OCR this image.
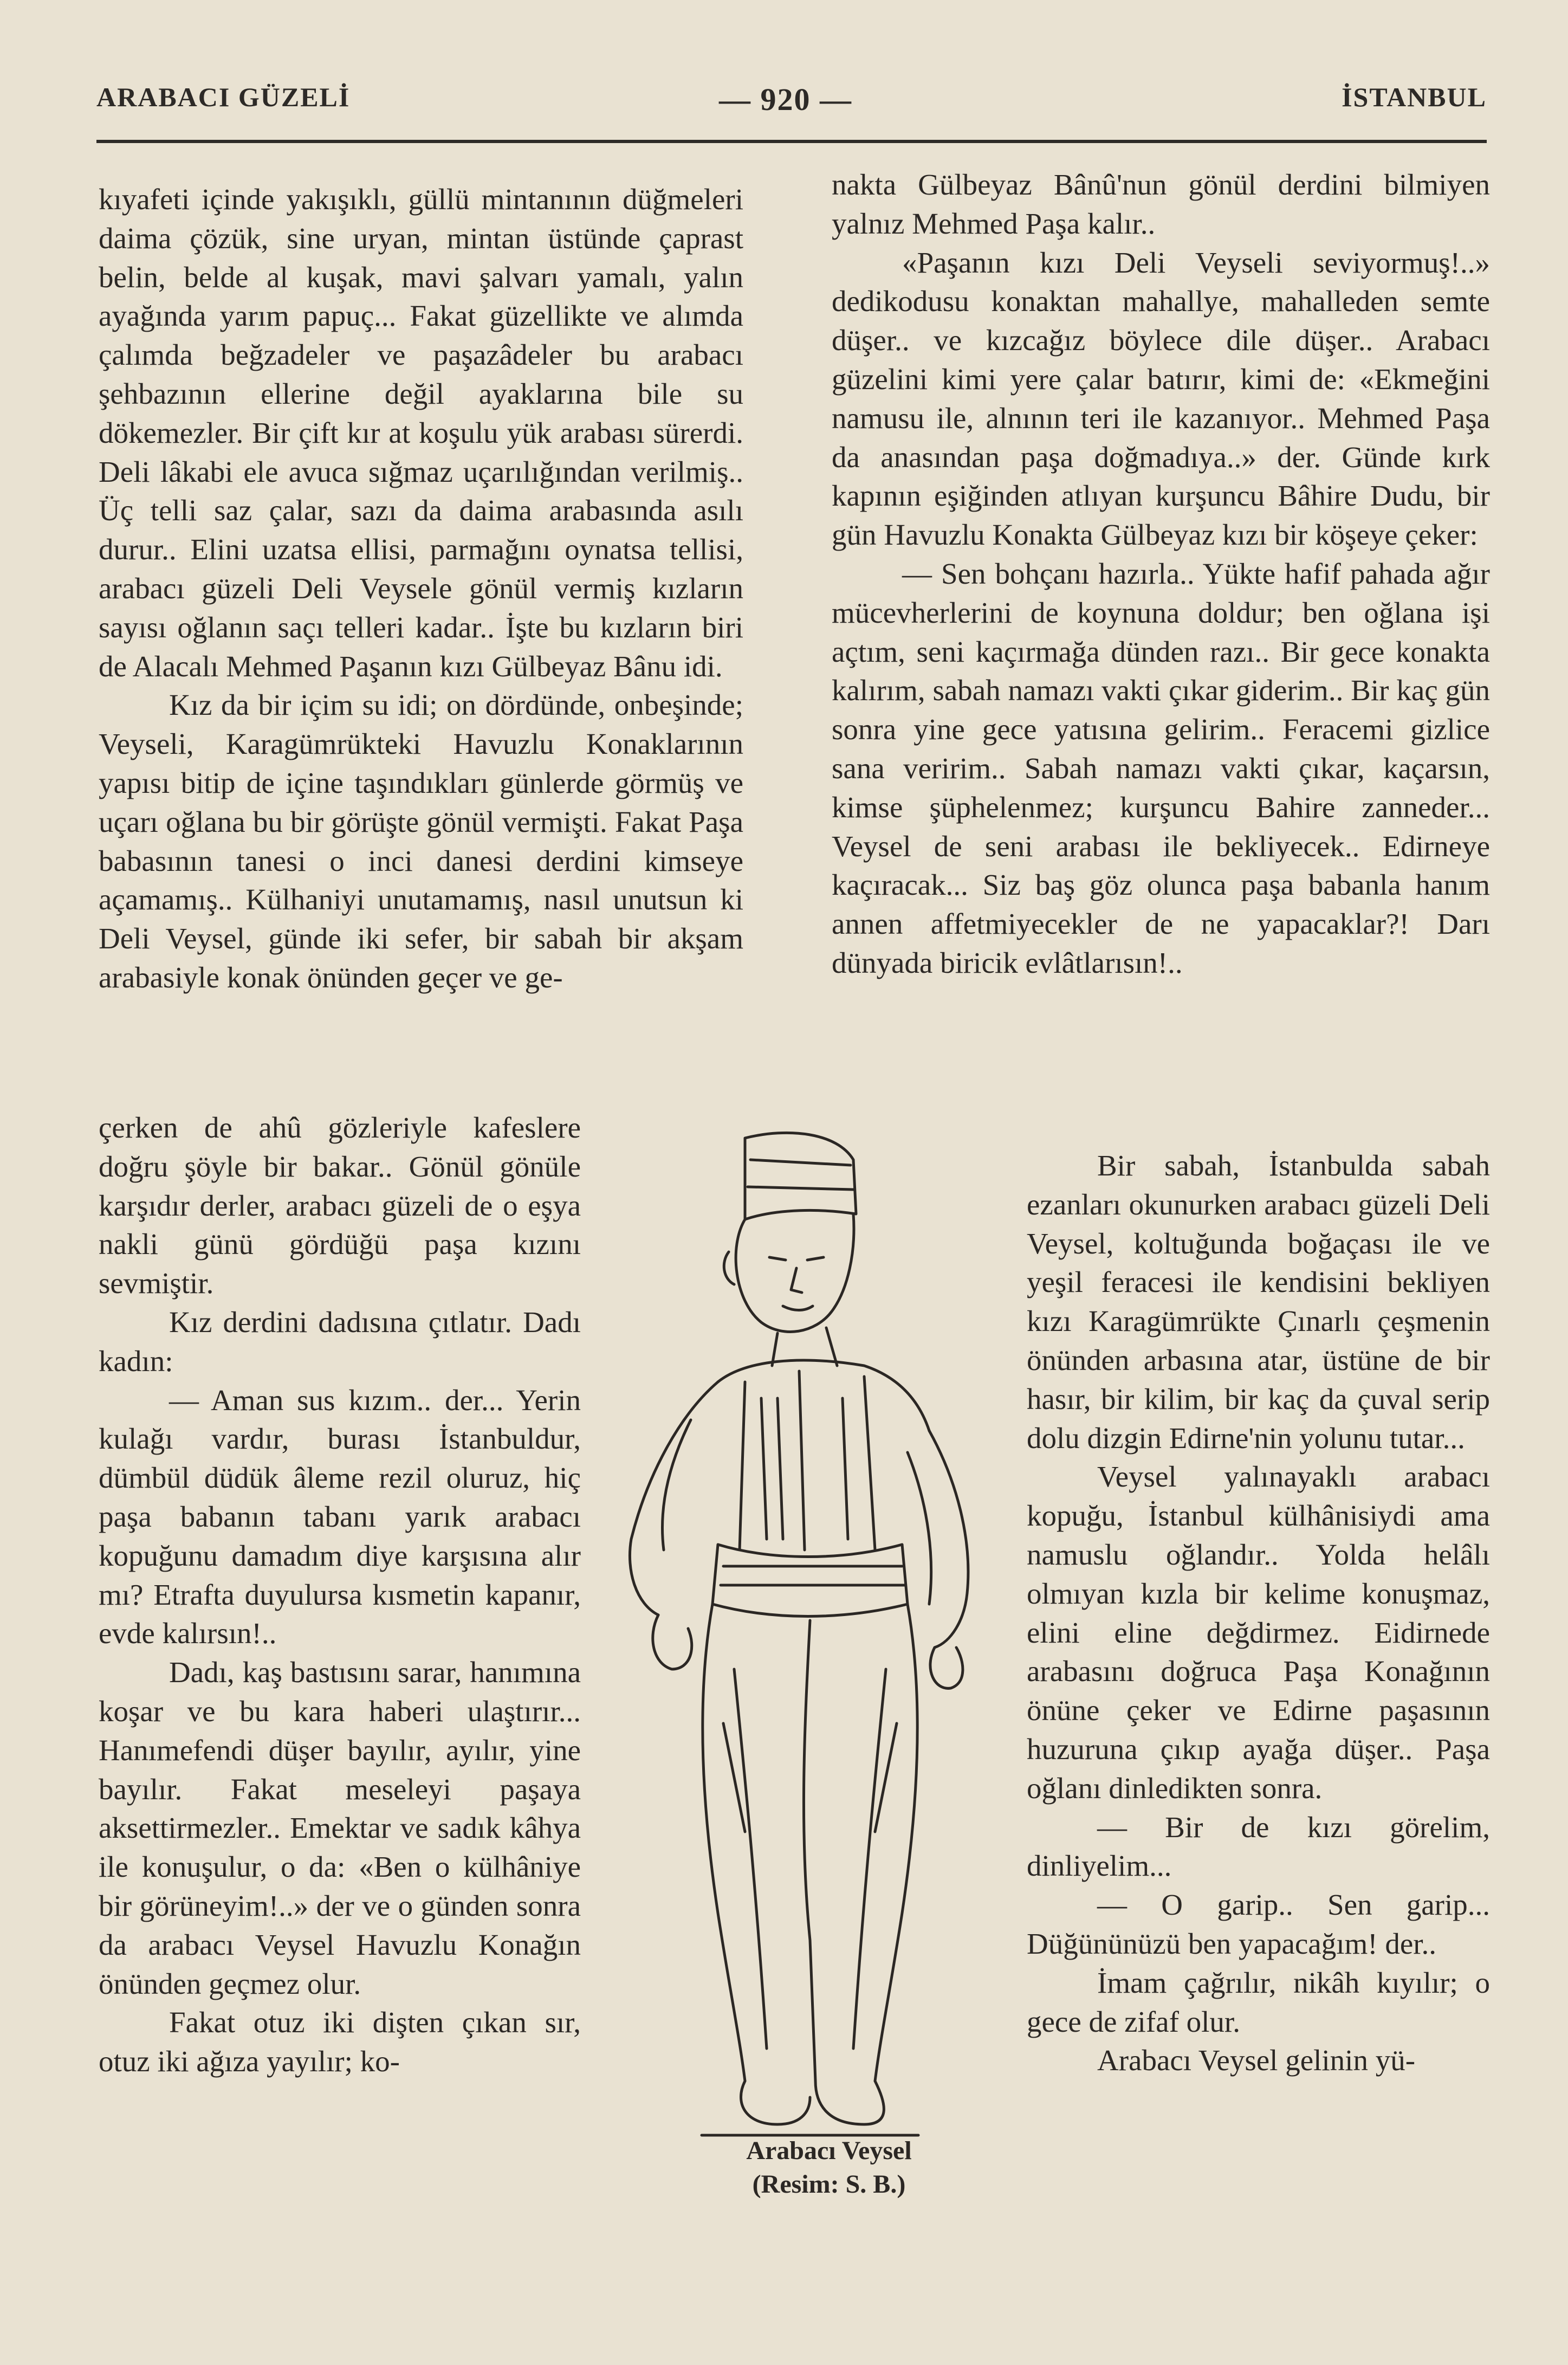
ARABACI GÜZELİ	— 920 —	İSTANBUL

kıyafeti içinde yakışıklı, güllü mintanının düğmeleri daima çözük, sine uryan, mintan üstünde çaprast belin, belde al kuşak, mavi şalvarı yamalı, yalın ayağında yarım papuç... Fakat güzellikte ve alımda çalımda beğzadeler ve paşazâdeler bu arabacı şehbazının ellerine değil ayaklarına bile su dökemezler. Bir çift kır at koşulu yük arabası sürerdi. Deli lâkabi ele avuca sığmaz uçarılığından verilmiş.. Üç telli saz çalar, sazı da daima arabasında asılı durur.. Elini uzatsa ellisi, parmağını oynatsa tellisi, arabacı güzeli Deli Veysele gönül vermiş kızların sayısı oğlanın saçı telleri kadar.. İşte bu kızların biri de Alacalı Mehmed Paşanın kızı Gülbeyaz Bânu idi.

Kız da bir içim su idi; on dördünde, onbeşinde; Veyseli, Karagümrükteki Havuzlu Konaklarının yapısı bitip de içine taşındıkları günlerde görmüş ve uçarı oğlana bu bir görüşte gönül vermişti. Fakat Paşa babasının tanesi o inci danesi derdini kimseye açamamış.. Külhaniyi unutamamış, nasıl unutsun ki Deli Veysel, günde iki sefer, bir sabah bir akşam arabasiyle konak önünden geçer ve ge-

çerken de ahû gözleriyle kafeslere doğru şöyle bir bakar.. Gönül gönüle karşıdır derler, arabacı güzeli de o eşya nakli günü gördüğü paşa kızını sevmiştir.

Kız derdini dadısına çıtlatır. Dadı kadın:

— Aman sus kızım.. der... Yerin kulağı vardır, burası İstanbuldur, dümbül düdük âleme rezil oluruz, hiç paşa babanın tabanı yarık arabacı kopuğunu damadım diye karşısına alır mı? Etrafta duyulursa kısmetin kapanır, evde kalırsın!..

Dadı, kaş bastısını sarar, hanımına koşar ve bu kara haberi ulaştırır... Hanımefendi düşer bayılır, ayılır, yine bayılır. Fakat meseleyi paşaya aksettirmezler.. Emektar ve sadık kâhya ile konuşulur, o da: «Ben o külhâniye bir görüneyim!..» der ve o günden sonra da arabacı Veysel Havuzlu Konağın önünden geçmez olur.

Fakat otuz iki dişten çıkan sır, otuz iki ağıza yayılır; ko-

nakta Gülbeyaz Bânû'nun gönül derdini bilmiyen yalnız Mehmed Paşa kalır..

«Paşanın kızı Deli Veyseli seviyormuş!..» dedikodusu konaktan mahallye, mahalleden semte düşer.. ve kızcağız böylece dile düşer.. Arabacı güzelini kimi yere çalar batırır, kimi de: «Ekmeğini namusu ile, alnının teri ile kazanıyor.. Mehmed Paşa da anasından paşa doğmadıya..» der. Günde kırk kapının eşiğinden atlıyan kurşuncu Bâhire Dudu, bir gün Havuzlu Konakta Gülbeyaz kızı bir köşeye çeker:

— Sen bohçanı hazırla.. Yükte hafif pahada ağır mücevherlerini de koynuna doldur; ben oğlana işi açtım, seni kaçırmağa dünden razı.. Bir gece konakta kalırım, sabah namazı vakti çıkar giderim.. Bir kaç gün sonra yine gece yatısına gelirim.. Feracemi gizlice sana veririm.. Sabah namazı vakti çıkar, kaçarsın, kimse şüphelenmez; kurşuncu Bahire zanneder... Veysel de seni arabası ile bekliyecek.. Edirneye kaçıracak... Siz baş göz olunca paşa babanla hanım annen affetmiyecekler de ne yapacaklar?! Darı dünyada biricik evlâtlarısın!..

Bir sabah, İstanbulda sabah ezanları okunurken arabacı güzeli Deli Veysel, koltuğunda boğaçası ile ve yeşil feracesi ile kendisini bekliyen kızı Karagümrükte Çınarlı çeşmenin önünden arbasına atar, üstüne de bir hasır, bir kilim, bir kaç da çuval serip dolu dizgin Edirne'nin yolunu tutar...

Veysel yalınayaklı arabacı kopuğu, İstanbul külhânisiydi ama namuslu oğlandır.. Yolda helâlı olmıyan kızla bir kelime konuşmaz, elini eline değdirmez. Eidirnede arabasını doğruca Paşa Konağının önüne çeker ve Edirne paşasının huzuruna çıkıp ayağa düşer.. Paşa oğlanı dinledikten sonra.

— Bir de kızı görelim, dinliyelim...

— O garip.. Sen garip... Düğününüzü ben yapacağım! der..

İmam çağrılır, nikâh kıyılır; o gece de zifaf olur.

Arabacı Veysel gelinin yü-

Arabacı Veysel
(Resim: S. B.)
